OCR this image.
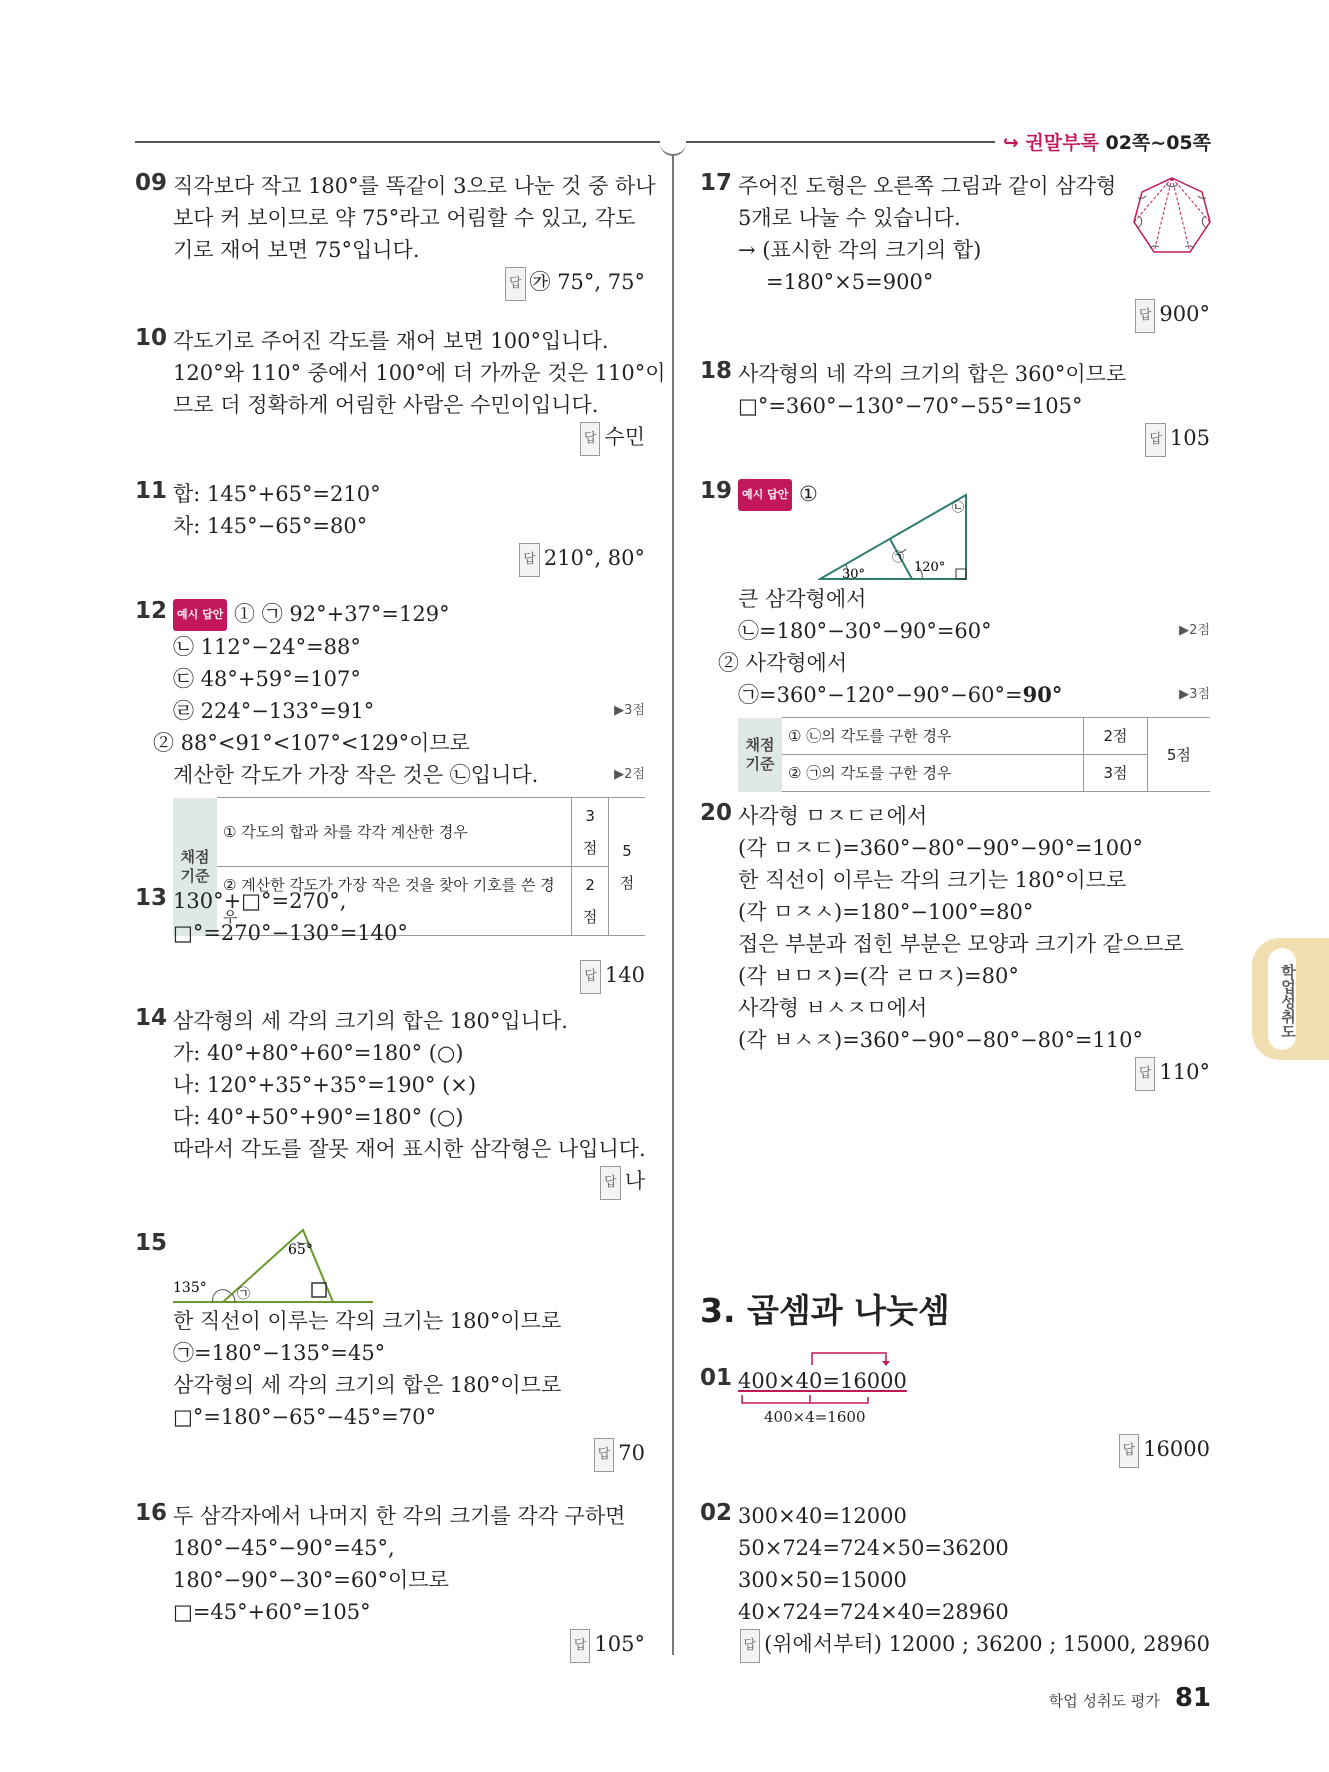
↪ 권말부록 02쪽~05쪽
09 직각보다 작고 180°를 똑같이 3으로 나눈 것 중 하나
보다 커 보이므로 약 75°라고 어림할 수 있고, 각도
기로 재어 보면 75°입니다.
답 ㉮ 75°, 75°
10 각도기로 주어진 각도를 재어 보면 100°입니다.
120°와 110° 중에서 100°에 더 가까운 것은 110°이
므로 더 정확하게 어림한 사람은 수민이입니다.
답 수민
11 합: 145°+65°=210°
차: 145°−65°=80°
답 210°, 80°
12 예시 답안 ① ㉠ 92°+37°=129°
㉡ 112°−24°=88°
㉢ 48°+59°=107°
㉣ 224°−133°=91°	▶3점
② 88°<91°<107°<129°이므로
계산한 각도가 가장 작은 것은 ㉡입니다.	▶2점
채점 기준	① 각도의 합과 차를 각각 계산한 경우	3점	5점
	② 계산한 각도가 가장 작은 것을 찾아 기호를 쓴 경우	2점	
13 130°+□°=270°,
□°=270°−130°=140°
답 140
14 삼각형의 세 각의 크기의 합은 180°입니다.
가: 40°+80°+60°=180° (○)
나: 120°+35°+35°=190° (×)
다: 40°+50°+90°=180° (○)
따라서 각도를 잘못 재어 표시한 삼각형은 나입니다.
답 나
15
135°
65°
㉠
한 직선이 이루는 각의 크기는 180°이므로
㉠=180°−135°=45°
삼각형의 세 각의 크기의 합은 180°이므로
□°=180°−65°−45°=70°
답 70
16 두 삼각자에서 나머지 한 각의 크기를 각각 구하면
180°−45°−90°=45°,
180°−90°−30°=60°이므로
□=45°+60°=105°
답 105°
17 주어진 도형은 오른쪽 그림과 같이 삼각형
5개로 나눌 수 있습니다.
→ (표시한 각의 크기의 합)
=180°×5=900°
답 900°
18 사각형의 네 각의 크기의 합은 360°이므로
□°=360°−130°−70°−55°=105°
답 105
19 예시 답안 ①
30°	120°
㉠
㉡
큰 삼각형에서
㉡=180°−30°−90°=60°	▶2점
② 사각형에서
㉠=360°−120°−90°−60°=90°	▶3점
채점 기준	① ㉡의 각도를 구한 경우	2점	5점
	② ㉠의 각도를 구한 경우	3점	
20 사각형 ㅁㅈㄷㄹ에서
(각 ㅁㅈㄷ)=360°−80°−90°−90°=100°
한 직선이 이루는 각의 크기는 180°이므로
(각 ㅁㅈㅅ)=180°−100°=80°
접은 부분과 접힌 부분은 모양과 크기가 같으므로
(각 ㅂㅁㅈ)=(각 ㄹㅁㅈ)=80°
사각형 ㅂㅅㅈㅁ에서
(각 ㅂㅅㅈ)=360°−90°−80°−80°=110°
답 110°
3. 곱셈과 나눗셈
01 400×40=16000
400×4=1600
답 16000
02 300×40=12000
50×724=724×50=36200
300×50=15000
40×724=724×40=28960
답 (위에서부터) 12000 ; 36200 ; 15000, 28960
학업성취도
학업 성취도 평가 81
